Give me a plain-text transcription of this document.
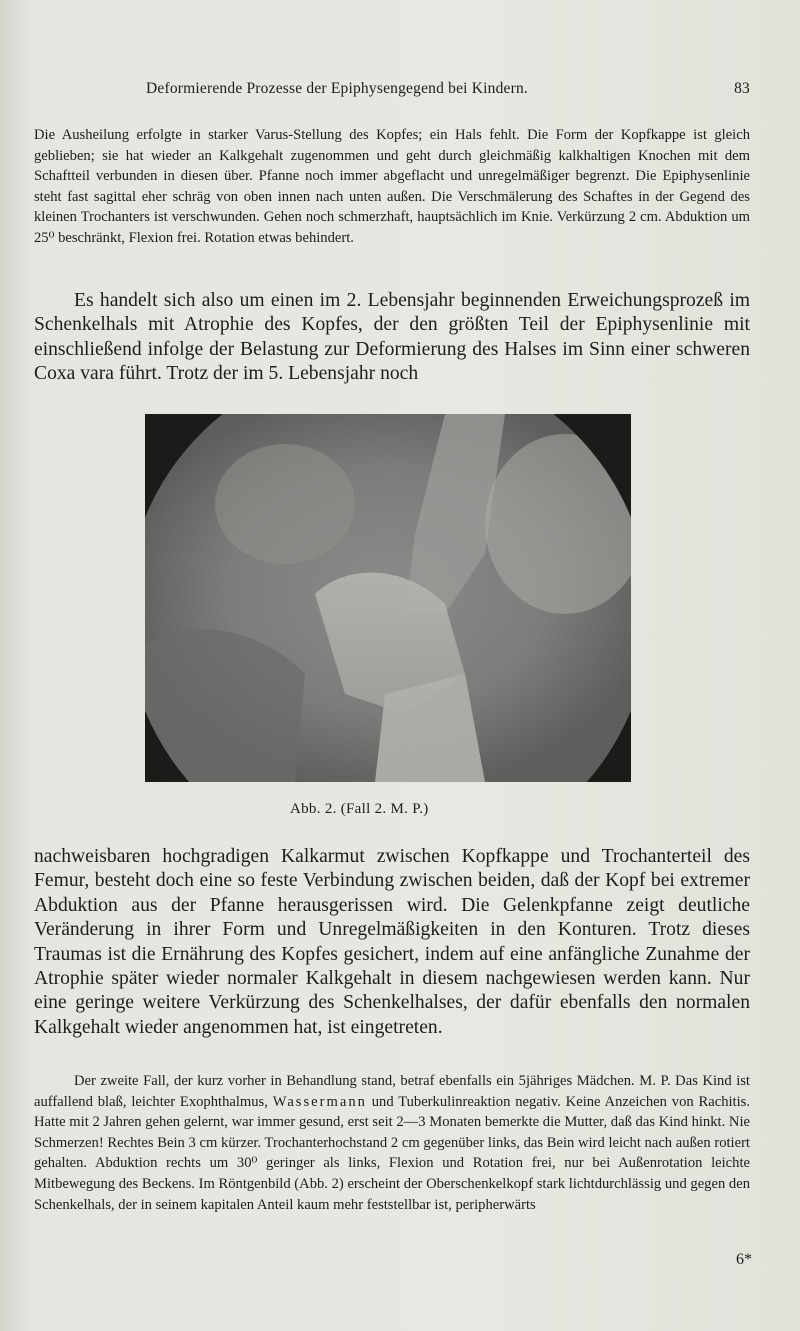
Deformierende Prozesse der Epiphysengegend bei Kindern.	83

Die Ausheilung erfolgte in starker Varus-Stellung des Kopfes; ein Hals fehlt. Die Form der Kopfkappe ist gleich geblieben; sie hat wieder an Kalkgehalt zugenommen und geht durch gleichmäßig kalkhaltigen Knochen mit dem Schaftteil verbunden in diesen über. Pfanne noch immer abgeflacht und unregelmäßiger begrenzt. Die Epiphysenlinie steht fast sagittal eher schräg von oben innen nach unten außen. Die Verschmälerung des Schaftes in der Gegend des kleinen Trochanters ist verschwunden. Gehen noch schmerzhaft, hauptsächlich im Knie. Verkürzung 2 cm. Abduktion um 25⁰ beschränkt, Flexion frei. Rotation etwas behindert.

Es handelt sich also um einen im 2. Lebensjahr beginnenden Erweichungsprozeß im Schenkelhals mit Atrophie des Kopfes, der den größten Teil der Epiphysenlinie mit einschließend infolge der Belastung zur Deformierung des Halses im Sinn einer schweren Coxa vara führt. Trotz der im 5. Lebensjahr noch

Abb. 2. (Fall 2. M. P.)

nachweisbaren hochgradigen Kalkarmut zwischen Kopfkappe und Trochanterteil des Femur, besteht doch eine so feste Verbindung zwischen beiden, daß der Kopf bei extremer Abduktion aus der Pfanne herausgerissen wird. Die Gelenkpfanne zeigt deutliche Veränderung in ihrer Form und Unregelmäßigkeiten in den Konturen. Trotz dieses Traumas ist die Ernährung des Kopfes gesichert, indem auf eine anfängliche Zunahme der Atrophie später wieder normaler Kalkgehalt in diesem nachgewiesen werden kann. Nur eine geringe weitere Verkürzung des Schenkelhalses, der dafür ebenfalls den normalen Kalkgehalt wieder angenommen hat, ist eingetreten.

Der zweite Fall, der kurz vorher in Behandlung stand, betraf ebenfalls ein 5jähriges Mädchen. M. P. Das Kind ist auffallend blaß, leichter Exophthalmus, Wassermann und Tuberkulinreaktion negativ. Keine Anzeichen von Rachitis. Hatte mit 2 Jahren gehen gelernt, war immer gesund, erst seit 2—3 Monaten bemerkte die Mutter, daß das Kind hinkt. Nie Schmerzen! Rechtes Bein 3 cm kürzer. Trochanterhochstand 2 cm gegenüber links, das Bein wird leicht nach außen rotiert gehalten. Abduktion rechts um 30⁰ geringer als links, Flexion und Rotation frei, nur bei Außenrotation leichte Mitbewegung des Beckens. Im Röntgenbild (Abb. 2) erscheint der Oberschenkelkopf stark lichtdurchlässig und gegen den Schenkelhals, der in seinem kapitalen Anteil kaum mehr feststellbar ist, peripherwärts

6*
